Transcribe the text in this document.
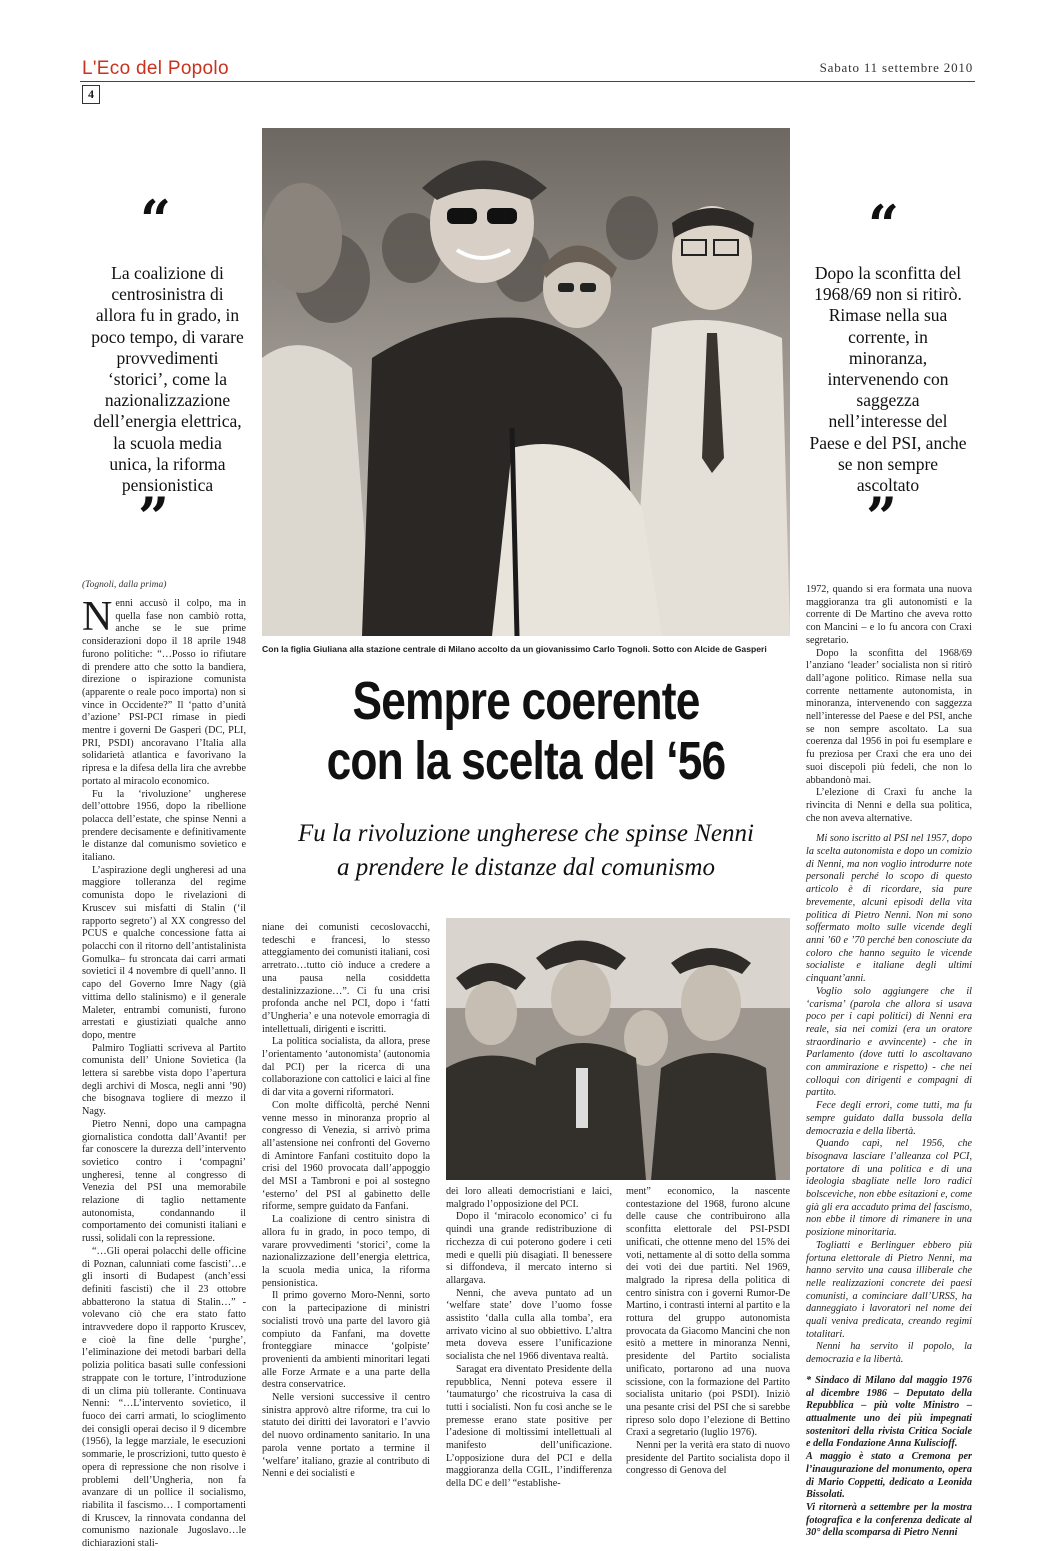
L'Eco del Popolo	Sabato 11 settembre 2010
4
“
La coalizione di centrosinistra di allora fu in grado, in poco tempo, di varare provvedimenti ‘storici’, come la nazionalizzazione dell’energia elettrica, la scuola media unica, la riforma pensionistica
”
“
Dopo la sconfitta del 1968/69 non si ritirò. Rimase nella sua corrente, in minoranza, intervenendo con saggezza nell’interesse del Paese e del PSI, anche se non sempre ascoltato
”
Con la figlia Giuliana alla stazione centrale di Milano accolto da un giovanissimo Carlo Tognoli. Sotto con Alcide de Gasperi
Sempre coerente
con la scelta del ‘56
Fu la rivoluzione ungherese che spinse Nenni
a prendere le distanze dal comunismo
(Tognoli, dalla prima)

Nenni accusò il colpo, ma in quella fase non cambiò rotta, anche se le sue prime considerazioni dopo il 18 aprile 1948 furono politiche: “…Posso io rifiutare di prendere atto che sotto la bandiera, direzione o ispirazione comunista (apparente o reale poco importa) non si vince in Occidente?” Il ‘patto d’unità d’azione’ PSI-PCI rimase in piedi mentre i governi De Gasperi (DC, PLI, PRI, PSDI) ancoravano l’Italia alla solidarietà atlantica e favorivano la ripresa e la difesa della lira che avrebbe portato al miracolo economico.

Fu la ‘rivoluzione’ ungherese dell’ottobre 1956, dopo la ribellione polacca dell’estate, che spinse Nenni a prendere decisamente e definitivamente le distanze dal comunismo sovietico e italiano.

L’aspirazione degli ungheresi ad una maggiore tolleranza del regime comunista dopo le rivelazioni di Kruscev sui misfatti di Stalin (‘il rapporto segreto’) al XX congresso del PCUS e qualche concessione fatta ai polacchi con il ritorno dell’antistalinista Gomulka– fu stroncata dai carri armati sovietici il 4 novembre di quell’anno. Il capo del Governo Imre Nagy (già vittima dello stalinismo) e il generale Maleter, entrambi comunisti, furono arrestati e giustiziati qualche anno dopo, mentre

Palmiro Togliatti scriveva al Partito comunista dell’ Unione Sovietica (la lettera si sarebbe vista dopo l’apertura degli archivi di Mosca, negli anni ’90) che bisognava togliere di mezzo il Nagy.

Pietro Nenni, dopo una campagna giornalistica condotta dall’Avanti! per far conoscere la durezza dell’intervento sovietico contro i ‘compagni’ ungheresi, tenne al congresso di Venezia del PSI una memorabile relazione di taglio nettamente autonomista, condannando il comportamento dei comunisti italiani e russi, solidali con la repressione.

“…Gli operai polacchi delle officine di Poznan, calunniati come fascisti’…e gli insorti di Budapest (anch’essi definiti fascisti) che il 23 ottobre abbatterono la statua di Stalin…” - volevano ciò che era stato fatto intravvedere dopo il rapporto Kruscev, e cioè la fine delle ‘purghe’, l’eliminazione dei metodi barbari della polizia politica basati sulle confessioni strappate con le torture, l’introduzione di un clima più tollerante. Continuava Nenni: “…L’intervento sovietico, il fuoco dei carri armati, lo scioglimento dei consigli operai deciso il 9 dicembre (1956), la legge marziale, le esecuzioni sommarie, le proscrizioni, tutto questo è opera di repressione che non risolve i problemi dell’Ungheria, non fa avanzare di un pollice il socialismo, riabilita il fascismo… I comportamenti di Kruscev, la rinnovata condanna del comunismo nazionale Jugoslavo…le dichiarazioni stali-

niane dei comunisti cecoslovacchi, tedeschi e francesi, lo stesso atteggiamento dei comunisti italiani, così arretrato…tutto ciò induce a credere a una pausa nella cosiddetta destalinizzazione…”. Ci fu una crisi profonda anche nel PCI, dopo i ‘fatti d’Ungheria’ e una notevole emorragia di intellettuali, dirigenti e iscritti.

La politica socialista, da allora, prese l’orientamento ‘autonomista’ (autonomia dal PCI) per la ricerca di una collaborazione con cattolici e laici al fine di dar vita a governi riformatori.

Con molte difficoltà, perché Nenni venne messo in minoranza proprio al congresso di Venezia, si arrivò prima all’astensione nei confronti del Governo di Amintore Fanfani costituito dopo la crisi del 1960 provocata dall’appoggio del MSI a Tambroni e poi al sostegno ‘esterno’ del PSI al gabinetto delle riforme, sempre guidato da Fanfani.

La coalizione di centro sinistra di allora fu in grado, in poco tempo, di varare provvedimenti ‘storici’, come la nazionalizzazione dell’energia elettrica, la scuola media unica, la riforma pensionistica.

Il primo governo Moro-Nenni, sorto con la partecipazione di ministri socialisti trovò una parte del lavoro già compiuto da Fanfani, ma dovette fronteggiare minacce ‘golpiste’ provenienti da ambienti minoritari legati alle Forze Armate e a una parte della destra conservatrice.

Nelle versioni successive il centro sinistra approvò altre riforme, tra cui lo statuto dei diritti dei lavoratori e l’avvio del nuovo ordinamento sanitario. In una parola venne portato a termine il ‘welfare’ italiano, grazie al contributo di Nenni e dei socialisti e

dei loro alleati democristiani e laici, malgrado l’opposizione del PCI.

Dopo il ‘miracolo economico’ ci fu quindi una grande redistribuzione di ricchezza di cui poterono godere i ceti medi e quelli più disagiati. Il benessere si diffondeva, il mercato interno si allargava.

Nenni, che aveva puntato ad un ‘welfare state’ dove l’uomo fosse assistito ‘dalla culla alla tomba’, era arrivato vicino al suo obbiettivo. L’altra meta doveva essere l’unificazione socialista che nel 1966 diventava realtà.

Saragat era diventato Presidente della repubblica, Nenni poteva essere il ‘taumaturgo’ che ricostruiva la casa di tutti i socialisti. Non fu così anche se le premesse erano state positive per l’adesione di moltissimi intellettuali al manifesto dell’unificazione. L’opposizione dura del PCI e della maggioranza della CGIL, l’indifferenza della DC e dell’ “establishe-

ment” economico, la nascente contestazione del 1968, furono alcune delle cause che contribuirono alla sconfitta elettorale del PSI-PSDI unificati, che ottenne meno del 15% dei voti, nettamente al di sotto della somma dei voti dei due partiti. Nel 1969, malgrado la ripresa della politica di centro sinistra con i governi Rumor-De Martino, i contrasti interni al partito e la rottura del gruppo autonomista provocata da Giacomo Mancini che non esitò a mettere in minoranza Nenni, presidente del Partito socialista unificato, portarono ad una nuova scissione, con la formazione del Partito socialista unitario (poi PSDI). Iniziò una pesante crisi del PSI che si sarebbe ripreso solo dopo l’elezione di Bettino Craxi a segretario (luglio 1976).

Nenni per la verità era stato di nuovo presidente del Partito socialista dopo il congresso di Genova del

1972, quando si era formata una nuova maggioranza tra gli autonomisti e la corrente di De Martino che aveva rotto con Mancini – e lo fu ancora con Craxi segretario.

Dopo la sconfitta del 1968/69 l’anziano ‘leader’ socialista non si ritirò dall’agone politico. Rimase nella sua corrente nettamente autonomista, in minoranza, intervenendo con saggezza nell’interesse del Paese e del PSI, anche se non sempre ascoltato. La sua coerenza dal 1956 in poi fu esemplare e fu preziosa per Craxi che era uno dei suoi discepoli più fedeli, che non lo abbandonò mai.

L’elezione di Craxi fu anche la rivincita di Nenni e della sua politica, che non aveva alternative.

Mi sono iscritto al PSI nel 1957, dopo la scelta autonomista e dopo un comizio di Nenni, ma non voglio introdurre note personali perché lo scopo di questo articolo è di ricordare, sia pure brevemente, alcuni episodi della vita politica di Pietro Nenni. Non mi sono soffermato molto sulle vicende degli anni ’60 e ’70 perché ben conosciute da coloro che hanno seguito le vicende socialiste e italiane degli ultimi cinquant’anni.

Voglio solo aggiungere che il ‘carisma’ (parola che allora si usava poco per i capi politici) di Nenni era reale, sia nei comizi (era un oratore straordinario e avvincente) - che in Parlamento (dove tutti lo ascoltavano con ammirazione e rispetto) - che nei colloqui con dirigenti e compagni di partito.

Fece degli errori, come tutti, ma fu sempre guidato dalla bussola della democrazia e della libertà.

Quando capì, nel 1956, che bisognava lasciare l’alleanza col PCI, portatore di una politica e di una ideologia sbagliate nelle loro radici bolsceviche, non ebbe esitazioni e, come già gli era accaduto prima del fascismo, non ebbe il timore di rimanere in una posizione minoritaria.

Togliatti e Berlinguer ebbero più fortuna elettorale di Pietro Nenni, ma hanno servito una causa illiberale che nelle realizzazioni concrete dei paesi comunisti, a cominciare dall’URSS, ha danneggiato i lavoratori nel nome dei quali veniva predicata, creando regimi totalitari.

Nenni ha servito il popolo, la democrazia e la libertà.

* Sindaco di Milano dal maggio 1976 al dicembre 1986 – Deputato della Repubblica – più volte Ministro – attualmente uno dei più impegnati sostenitori della rivista Critica Sociale e della Fondazione Anna Kuliscioff.

A maggio è stato a Cremona per l’inaugurazione del monumento, opera di Mario Coppetti, dedicato a Leonida Bissolati.

Vi ritornerà a settembre per la mostra fotografica e la conferenza dedicate al 30° della scomparsa di Pietro Nenni
